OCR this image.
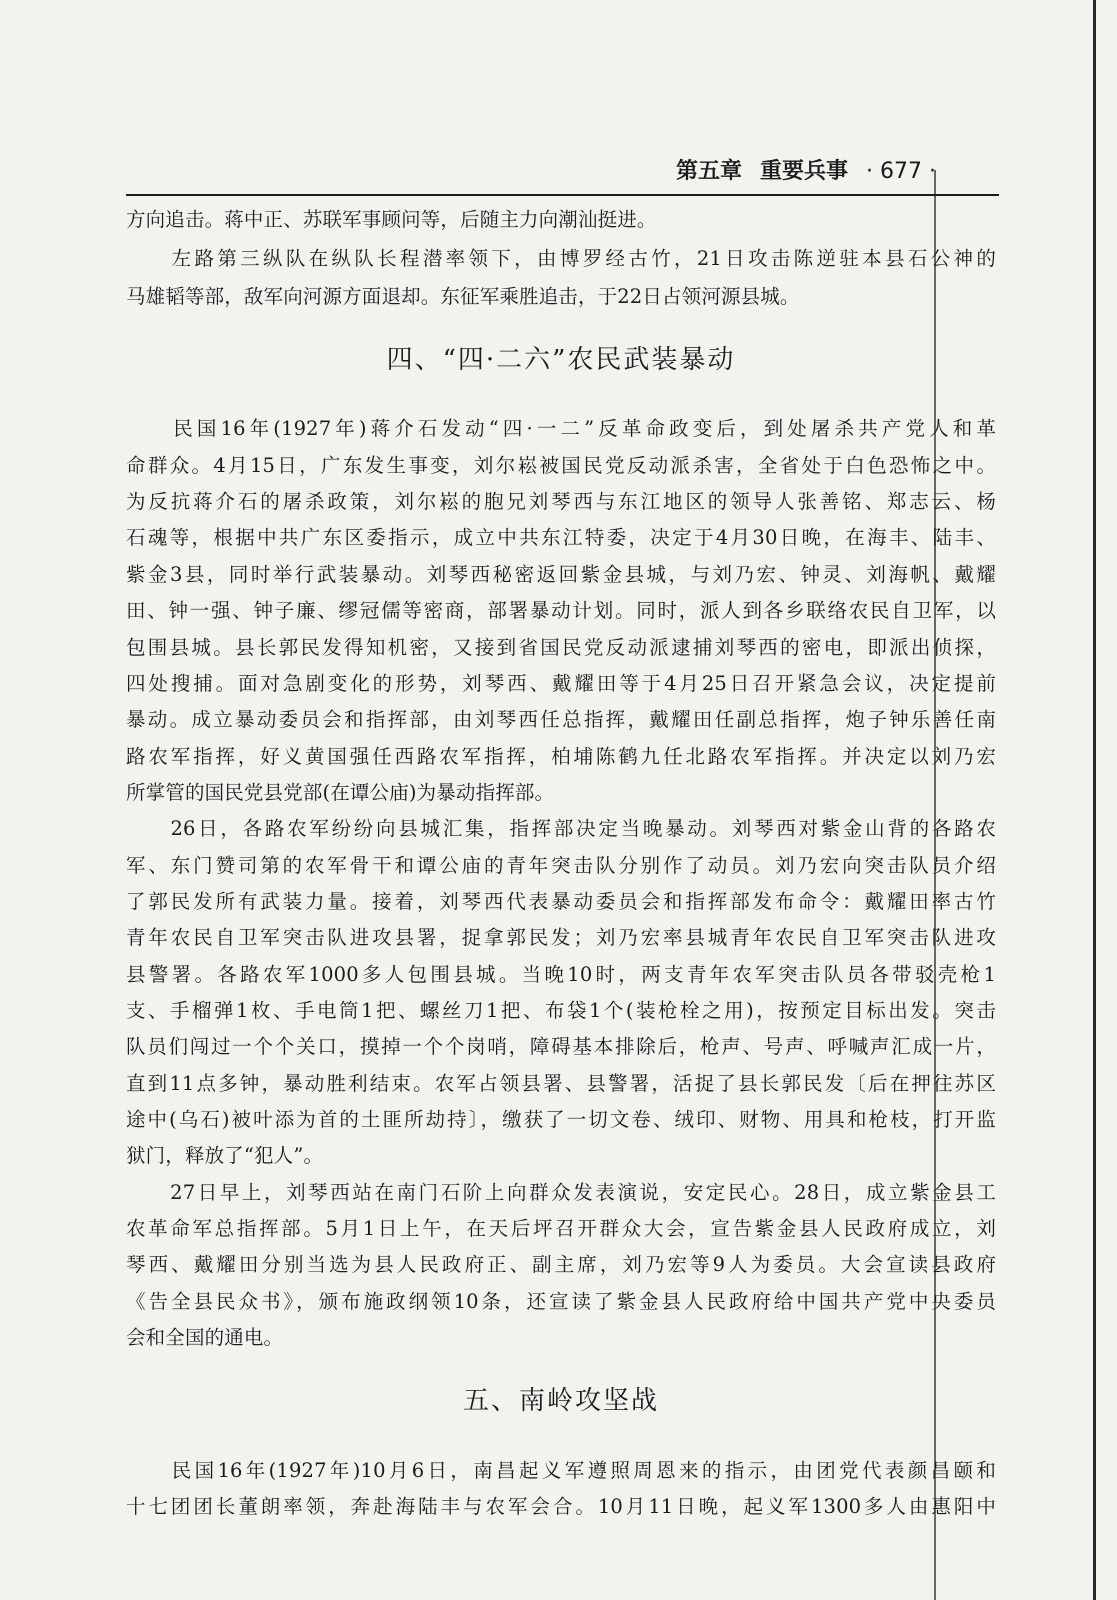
第五章 重要兵事 · 677 ·
方向追击。蒋中正、苏联军事顾问等，后随主力向潮汕挺进。
　　左路第三纵队在纵队长程潜率领下，由博罗经古竹，21日攻击陈逆驻本县石公神的
马雄韬等部，敌军向河源方面退却。东征军乘胜追击，于22日占领河源县城。
四、“四·二六”农民武装暴动
　　民国16年(1927年)蒋介石发动“四·一二”反革命政变后，到处屠杀共产党人和革
命群众。4月15日，广东发生事变，刘尔崧被国民党反动派杀害，全省处于白色恐怖之中。
为反抗蒋介石的屠杀政策，刘尔崧的胞兄刘琴西与东江地区的领导人张善铭、郑志云、杨
石魂等，根据中共广东区委指示，成立中共东江特委，决定于4月30日晚，在海丰、陆丰、
紫金3县，同时举行武装暴动。刘琴西秘密返回紫金县城，与刘乃宏、钟灵、刘海帆、戴耀
田、钟一强、钟子廉、缪冠儒等密商，部署暴动计划。同时，派人到各乡联络农民自卫军，以
包围县城。县长郭民发得知机密，又接到省国民党反动派逮捕刘琴西的密电，即派出侦探，
四处搜捕。面对急剧变化的形势，刘琴西、戴耀田等于4月25日召开紧急会议，决定提前
暴动。成立暴动委员会和指挥部，由刘琴西任总指挥，戴耀田任副总指挥，炮子钟乐善任南
路农军指挥，好义黄国强任西路农军指挥，柏埔陈鹤九任北路农军指挥。并决定以刘乃宏
所掌管的国民党县党部(在谭公庙)为暴动指挥部。
　　26日，各路农军纷纷向县城汇集，指挥部决定当晚暴动。刘琴西对紫金山背的各路农
军、东门赞司第的农军骨干和谭公庙的青年突击队分别作了动员。刘乃宏向突击队员介绍
了郭民发所有武装力量。接着，刘琴西代表暴动委员会和指挥部发布命令：戴耀田率古竹
青年农民自卫军突击队进攻县署，捉拿郭民发；刘乃宏率县城青年农民自卫军突击队进攻
县警署。各路农军1000多人包围县城。当晚10时，两支青年农军突击队员各带驳壳枪1
支、手榴弹1枚、手电筒1把、螺丝刀1把、布袋1个(装枪栓之用)，按预定目标出发。突击
队员们闯过一个个关口，摸掉一个个岗哨，障碍基本排除后，枪声、号声、呼喊声汇成一片，
直到11点多钟，暴动胜利结束。农军占领县署、县警署，活捉了县长郭民发〔后在押往苏区
途中(乌石)被叶添为首的土匪所劫持〕，缴获了一切文卷、绒印、财物、用具和枪枝，打开监
狱门，释放了“犯人”。
　　27日早上，刘琴西站在南门石阶上向群众发表演说，安定民心。28日，成立紫金县工
农革命军总指挥部。5月1日上午，在天后坪召开群众大会，宣告紫金县人民政府成立，刘
琴西、戴耀田分别当选为县人民政府正、副主席，刘乃宏等9人为委员。大会宣读县政府
《告全县民众书》，颁布施政纲领10条，还宣读了紫金县人民政府给中国共产党中央委员
会和全国的通电。
五、南岭攻坚战
　　民国16年(1927年)10月6日，南昌起义军遵照周恩来的指示，由团党代表颜昌颐和
十七团团长董朗率领，奔赴海陆丰与农军会合。10月11日晚，起义军1300多人由惠阳中
